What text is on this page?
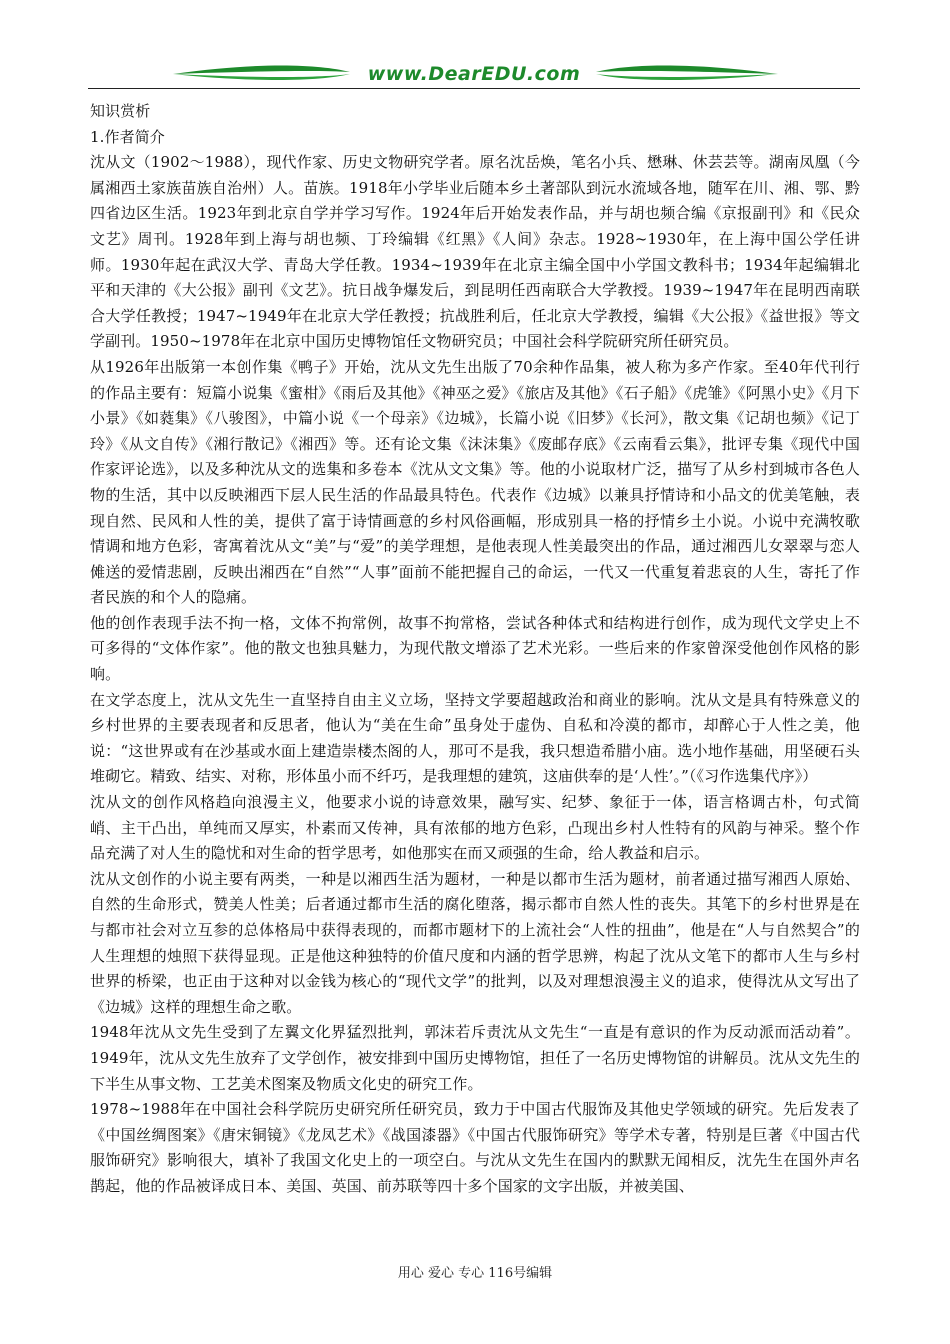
www.DearEDU.com

知识赏析

1.作者简介

沈从文（1902～1988），现代作家、历史文物研究学者。原名沈岳焕，笔名小兵、懋琳、休芸芸等。湖南凤凰（今属湘西土家族苗族自治州）人。苗族。1918年小学毕业后随本乡土著部队到沅水流域各地，随军在川、湘、鄂、黔四省边区生活。1923年到北京自学并学习写作。1924年后开始发表作品，并与胡也频合编《京报副刊》和《民众文艺》周刊。1928年到上海与胡也频、丁玲编辑《红黑》《人间》杂志。1928~1930年，在上海中国公学任讲师。1930年起在武汉大学、青岛大学任教。1934~1939年在北京主编全国中小学国文教科书；1934年起编辑北平和天津的《大公报》副刊《文艺》。抗日战争爆发后，到昆明任西南联合大学教授。1939~1947年在昆明西南联合大学任教授；1947~1949年在北京大学任教授；抗战胜利后，任北京大学教授，编辑《大公报》《益世报》等文学副刊。1950~1978年在北京中国历史博物馆任文物研究员；中国社会科学院研究所任研究员。

从1926年出版第一本创作集《鸭子》开始，沈从文先生出版了70余种作品集，被人称为多产作家。至40年代刊行的作品主要有：短篇小说集《蜜柑》《雨后及其他》《神巫之爱》《旅店及其他》《石子船》《虎雏》《阿黑小史》《月下小景》《如蕤集》《八骏图》，中篇小说《一个母亲》《边城》，长篇小说《旧梦》《长河》，散文集《记胡也频》《记丁玲》《从文自传》《湘行散记》《湘西》等。还有论文集《沫沫集》《废邮存底》《云南看云集》，批评专集《现代中国作家评论选》，以及多种沈从文的选集和多卷本《沈从文文集》等。他的小说取材广泛，描写了从乡村到城市各色人物的生活，其中以反映湘西下层人民生活的作品最具特色。代表作《边城》以兼具抒情诗和小品文的优美笔触，表现自然、民风和人性的美，提供了富于诗情画意的乡村风俗画幅，形成别具一格的抒情乡土小说。小说中充满牧歌情调和地方色彩，寄寓着沈从文“美”与“爱”的美学理想，是他表现人性美最突出的作品，通过湘西儿女翠翠与恋人傩送的爱情悲剧，反映出湘西在“自然”“人事”面前不能把握自己的命运，一代又一代重复着悲哀的人生，寄托了作者民族的和个人的隐痛。

他的创作表现手法不拘一格，文体不拘常例，故事不拘常格，尝试各种体式和结构进行创作，成为现代文学史上不可多得的“文体作家”。他的散文也独具魅力，为现代散文增添了艺术光彩。一些后来的作家曾深受他创作风格的影响。

在文学态度上，沈从文先生一直坚持自由主义立场，坚持文学要超越政治和商业的影响。沈从文是具有特殊意义的乡村世界的主要表现者和反思者，他认为“美在生命”虽身处于虚伪、自私和冷漠的都市，却醉心于人性之美，他说：“这世界或有在沙基或水面上建造崇楼杰阁的人，那可不是我，我只想造希腊小庙。选小地作基础，用坚硬石头堆砌它。精致、结实、对称，形体虽小而不纤巧，是我理想的建筑，这庙供奉的是‘人性’。”（《习作选集代序》）

沈从文的创作风格趋向浪漫主义，他要求小说的诗意效果，融写实、纪梦、象征于一体，语言格调古朴，句式简峭、主干凸出，单纯而又厚实，朴素而又传神，具有浓郁的地方色彩，凸现出乡村人性特有的风韵与神采。整个作品充满了对人生的隐忧和对生命的哲学思考，如他那实在而又顽强的生命，给人教益和启示。

沈从文创作的小说主要有两类，一种是以湘西生活为题材，一种是以都市生活为题材，前者通过描写湘西人原始、自然的生命形式，赞美人性美；后者通过都市生活的腐化堕落，揭示都市自然人性的丧失。其笔下的乡村世界是在与都市社会对立互参的总体格局中获得表现的，而都市题材下的上流社会“人性的扭曲”，他是在“人与自然契合”的人生理想的烛照下获得显现。正是他这种独特的价值尺度和内涵的哲学思辨，构起了沈从文笔下的都市人生与乡村世界的桥梁，也正由于这种对以金钱为核心的“现代文学”的批判，以及对理想浪漫主义的追求，使得沈从文写出了《边城》这样的理想生命之歌。

1948年沈从文先生受到了左翼文化界猛烈批判，郭沫若斥责沈从文先生“一直是有意识的作为反动派而活动着”。1949年，沈从文先生放弃了文学创作，被安排到中国历史博物馆，担任了一名历史博物馆的讲解员。沈从文先生的下半生从事文物、工艺美术图案及物质文化史的研究工作。

1978~1988年在中国社会科学院历史研究所任研究员，致力于中国古代服饰及其他史学领域的研究。先后发表了《中国丝绸图案》《唐宋铜镜》《龙凤艺术》《战国漆器》《中国古代服饰研究》等学术专著，特别是巨著《中国古代服饰研究》影响很大，填补了我国文化史上的一项空白。与沈从文先生在国内的默默无闻相反，沈先生在国外声名鹊起，他的作品被译成日本、美国、英国、前苏联等四十多个国家的文字出版，并被美国、

用心 爱心 专心 116号编辑
